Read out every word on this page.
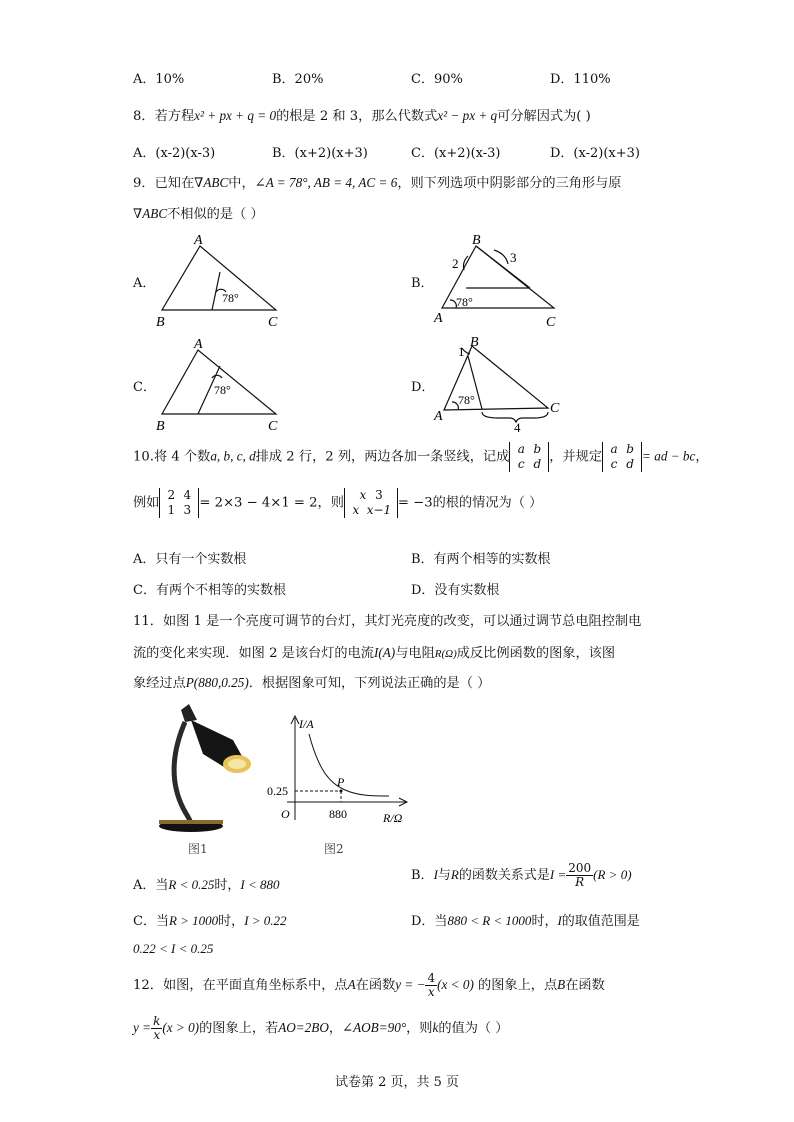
A．10%	B．20%	C．90%	D．110%
8．若方程x² + px + q = 0的根是 2 和 3，那么代数式x² − px + q可分解因式为( )
A．(x-2)(x-3)	B．(x+2)(x+3)	C．(x+2)(x-3)	D．(x-2)(x+3)
9．已知在∇ABC中，∠A = 78°, AB = 4, AC = 6，则下列选项中阴影部分的三角形与原
∇ABC不相似的是（ ）
A．	B．
C．	D．
A
B	C
78°
B
A	C
2	3
78°
A
B	C
78°
B
A
C
1
78°
4
10.将 4 个数a, b, c, d排成 2 行，2 列，两边各加一条竖线，记成a b
c d ，并规定a b
c d= ad − bc，
例如2 4
1 3 = 2×3 − 4×1 = 2，则x 3
x x−1 = −3的根的情况为（ ）
A．只有一个实数根	B．有两个相等的实数根
C．有两个不相等的实数根	D．没有实数根
11．如图 1 是一个亮度可调节的台灯，其灯光亮度的改变，可以通过调节总电阻控制电
流的变化来实现．如图 2 是该台灯的电流I(A)与电阻R(Ω)成反比例函数的图象，该图
象经过点P(880,0.25)．根据图象可知，下列说法正确的是（ ）
I/A
R/Ω
O
0.25
880
P
图1	图2
A．当R < 0.25时，I < 880
B．I与R的函数关系式是$I = \frac{200}{R} (R > 0)$
C．当R > 1000时，I > 0.22	D．当880 < R < 1000时，I的取值范围是
0.22 < I < 0.25
12．如图，在平面直角坐标系中，点A在函数y = − $\frac{4}{x} (x < 0)$ 的图象上，点B在函数
$y = \frac{k}{x} (x > 0)$的图象上，若AO=2BO，∠AOB=90°，则k的值为（ ）
试卷第 2 页，共 5 页
